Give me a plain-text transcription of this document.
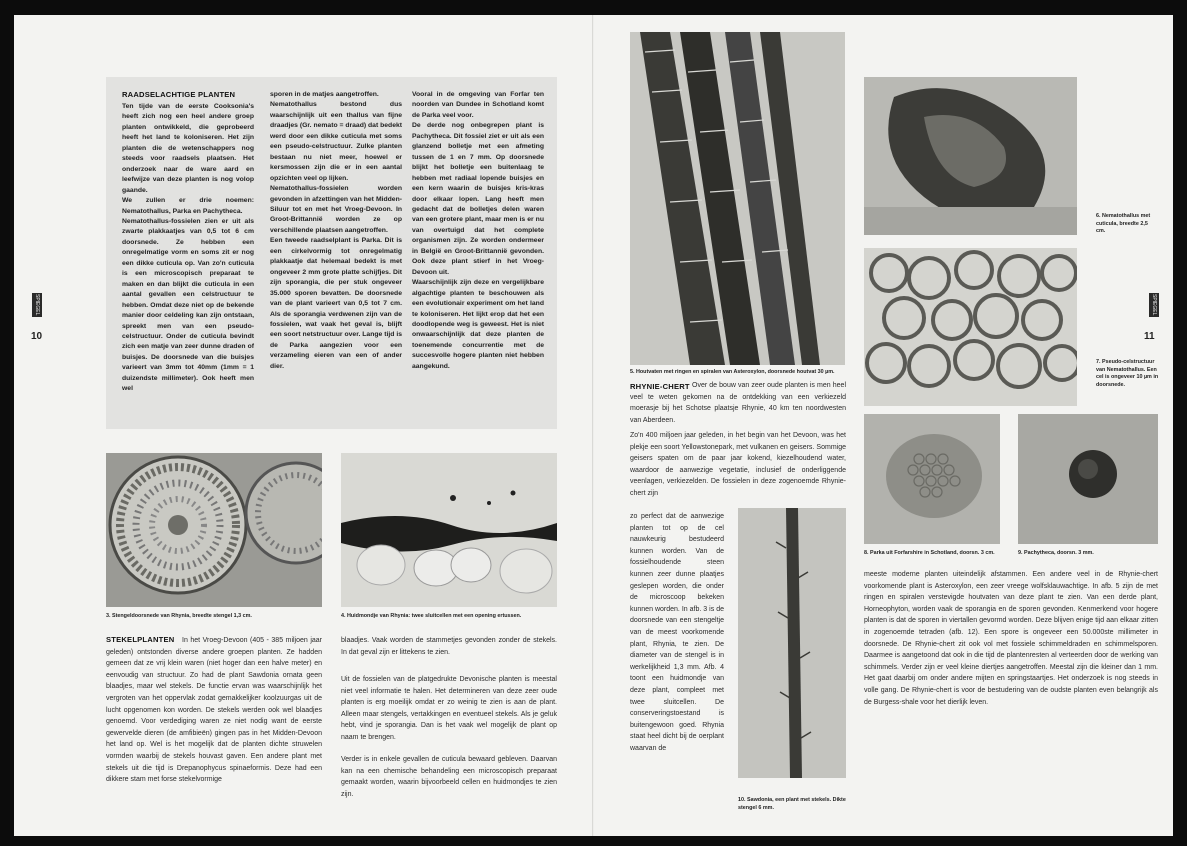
RAADSELACHTIGE PLANTEN

Ten tijde van de eerste Cooksonia's heeft zich nog een heel andere groep planten ontwikkeld, die geprobeerd heeft het land te koloniseren. Het zijn planten die de wetenschappers nog steeds voor raadsels plaatsen. Het onderzoek naar de ware aard en leefwijze van deze planten is nog volop gaande.

We zullen er drie noemen: Nematothallus, Parka en Pachytheca.

Nematothallus-fossielen zien er uit als zwarte plakkaatjes van 0,5 tot 6 cm doorsnede. Ze hebben een onregelmatige vorm en soms zit er nog een dikke cuticula op. Van zo'n cuticula is een microscopisch preparaat te maken en dan blijkt die cuticula in een aantal gevallen een celstructuur te hebben. Omdat deze niet op de bekende manier door celdeling kan zijn ontstaan, spreekt men van een pseudo-celstructuur. Onder de cuticula bevindt zich een matje van zeer dunne draden of buisjes. De doorsnede van die buisjes varieert van 3mm tot 40mm (1mm = 1 duizendste millimeter). Ook heeft men wel

sporen in de matjes aangetroffen.

Nematothallus bestond dus waarschijnlijk uit een thallus van fijne draadjes (Gr. nemato = draad) dat bedekt werd door een dikke cuticula met soms een pseudo-celstructuur. Zulke planten bestaan nu niet meer, hoewel er kersmossen zijn die er in een aantal opzichten veel op lijken.

Nematothallus-fossielen worden gevonden in afzettingen van het Midden-Siluur tot en met het Vroeg-Devoon. In Groot-Brittannië worden ze op verschillende plaatsen aangetroffen.

Een tweede raadselplant is Parka. Dit is een cirkelvormig tot onregelmatig plakkaatje dat helemaal bedekt is met ongeveer 2 mm grote platte schijfjes. Dit zijn sporangia, die per stuk ongeveer 35.000 sporen bevatten. De doorsnede van de plant varieert van 0,5 tot 7 cm. Als de sporangia verdwenen zijn van de fossielen, wat vaak het geval is, blijft een soort netstructuur over. Lange tijd is de Parka aangezien voor een verzameling eieren van een of ander dier.

Vooral in de omgeving van Forfar ten noorden van Dundee in Schotland komt de Parka veel voor.

De derde nog onbegrepen plant is Pachytheca. Dit fossiel ziet er uit als een glanzend bolletje met een afmeting tussen de 1 en 7 mm. Op doorsnede blijkt het bolletje een buitenlaag te hebben met radiaal lopende buisjes en een kern waarin de buisjes kris-kras door elkaar lopen. Lang heeft men gedacht dat de bolletjes delen waren van een grotere plant, maar men is er nu van overtuigd dat het complete organismen zijn. Ze worden ondermeer in België en Groot-Brittannië gevonden. Ook deze plant stierf in het Vroeg-Devoon uit.

Waarschijnlijk zijn deze en vergelijkbare algachtige planten te beschouwen als een evolutionair experiment om het land te koloniseren. Het lijkt erop dat het een doodlopende weg is geweest. Het is niet onwaarschijnlijk dat deze planten de toenemende concurrentie met de succesvolle hogere planten niet hebben aangekund.

SPIEGEL
10
3. Stengeldoorsnede van Rhynia, breedte stengel 1,3 cm.	4. Huidmondje van Rhynia: twee sluitcellen met een opening ertussen.
STEKELPLANTEN	In het Vroeg-Devoon (405 - 385 miljoen jaar geleden) ontstonden diverse andere groepen planten. Ze hadden gemeen dat ze vrij klein waren (niet hoger dan een halve meter) en eenvoudig van structuur. Zo had de plant Sawdonia ornata geen blaadjes, maar wel stekels. De functie ervan was waarschijnlijk het vergroten van het oppervlak zodat gemakkelijker koolzuurgas uit de lucht opgenomen kon worden. De stekels werden ook wel blaadjes genoemd. Voor verdediging waren ze niet nodig want de eerste gewervelde dieren (de amfibieën) gingen pas in het Midden-Devoon het land op. Wel is het mogelijk dat de planten dichte struwelen vormden waarbij de stekels houvast gaven. Een andere plant met stekels uit die tijd is Drepanophycus spinaeformis. Deze had een dikkere stam met forse stekelvormige
blaadjes. Vaak worden de stammetjes gevonden zonder de stekels. In dat geval zijn er littekens te zien.
Uit de fossielen van de platgedrukte Devonische planten is meestal niet veel informatie te halen. Het determineren van deze zeer oude planten is erg moeilijk omdat er zo weinig te zien is aan de plant. Alleen maar stengels, vertakkingen en eventueel stekels. Als je geluk hebt, vind je sporangia. Dan is het vaak wel mogelijk de plant op naam te brengen.
Verder is in enkele gevallen de cuticula bewaard gebleven. Daarvan kan na een chemische behandeling een microscopisch preparaat gemaakt worden, waarin bijvoorbeeld cellen en huidmondjes te zien zijn.
5. Houtvaten met ringen en spiralen van Asteroxylon, doorsnede houtvat 30 µm.
6. Nematothallus met cuticula, breedte 2,5 cm.
7. Pseudo-celstructuur van Nematothallus. Een cel is ongeveer 10 µm in doorsnede.
SPIEGEL
11
8. Parka uit Forfarshire in Schotland, doorsn. 3 cm.	9. Pachytheca, doorsn. 3 mm.
10. Sawdonia, een plant met stekels. Dikte stengel 6 mm.
RHYNIE-CHERT Over de bouw van zeer oude planten is men heel veel te weten gekomen na de ontdekking van een verkiezeld moerasje bij het Schotse plaatsje Rhynie, 40 km ten noordwesten van Aberdeen.
Zo'n 400 miljoen jaar geleden, in het begin van het Devoon, was het plekje een soort Yellowstonepark, met vulkanen en geisers. Sommige geisers spaten om de paar jaar kokend, kiezelhoudend water, waardoor de aanwezige vegetatie, inclusief de onderliggende veenlagen, verkiezelden. De fossielen in deze zogenoemde Rhynie-chert zijn
zo perfect dat de aanwezige planten tot op de cel nauwkeurig bestudeerd kunnen worden. Van de fossielhoudende steen kunnen zeer dunne plaatjes geslepen worden, die onder de microscoop bekeken kunnen worden. In afb. 3 is de doorsnede van een stengeltje van de meest voorkomende plant, Rhynia, te zien. De diameter van de stengel is in werkelijkheid 1,3 mm. Afb. 4 toont een huidmondje van deze plant, compleet met twee sluitcellen. De conserveringstoestand is buitengewoon goed. Rhynia staat heel dicht bij de oerplant waarvan de
meeste moderne planten uiteindelijk afstammen. Een andere veel in de Rhynie-chert voorkomende plant is Asteroxylon, een zeer vreege wolfsklauwachtige. In afb. 5 zijn de met ringen en spiralen verstevigde houtvaten van deze plant te zien. Van een derde plant, Horneophyton, worden vaak de sporangia en de sporen gevonden. Kenmerkend voor hogere planten is dat de sporen in viertallen gevormd worden. Deze blijven enige tijd aan elkaar zitten in zogenoemde tetraden (afb. 12). Een spore is ongeveer een 50.000ste millimeter in doorsnede. De Rhynie-chert zit ook vol met fossiele schimmeldraden en schimmelsporen. Daarmee is aangetoond dat ook in die tijd de plantenresten al verteerden door de werking van schimmels. Verder zijn er veel kleine diertjes aangetroffen. Meestal zijn die kleiner dan 1 mm. Het gaat daarbij om onder andere mijten en springstaartjes. Het onderzoek is nog steeds in volle gang. De Rhynie-chert is voor de bestudering van de oudste planten even belangrijk als de Burgess-shale voor het dierlijk leven.
